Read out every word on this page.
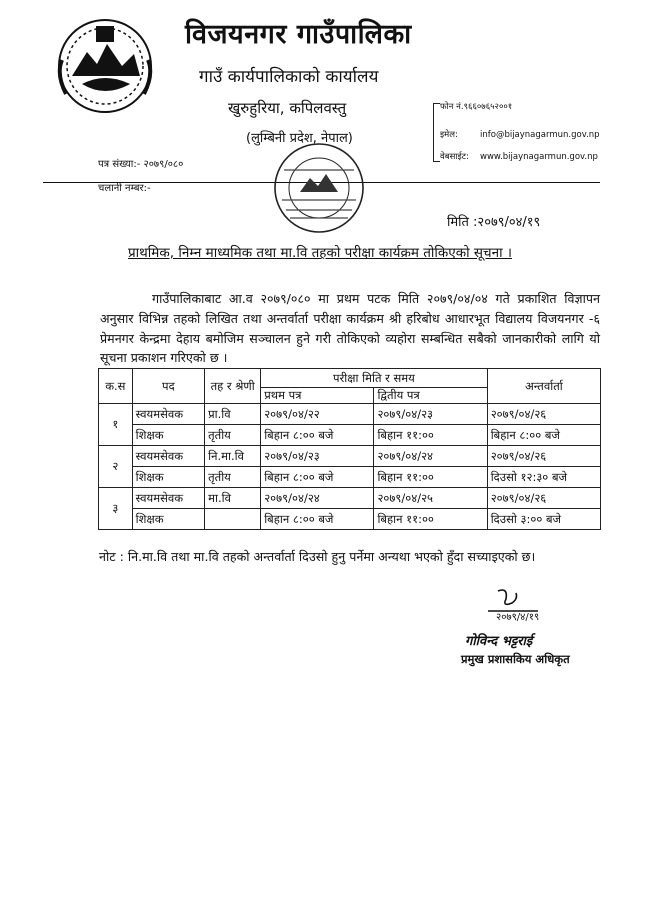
विजयनगर गाउँपालिका
गाउँ कार्यपालिकाको कार्यालय
खुरुहुरिया, कपिलवस्तु
(लुम्बिनी प्रदेश, नेपाल)
फोन नं.९६६०७६५२००१
इमेल:	info@bijaynagarmun.gov.np
वेबसाईट: www.bijaynagarmun.gov.np
पत्र संख्या:- २०७९/०८०
चलानी नम्बर:-
मिति :२०७९/०४/१९
प्राथमिक, निम्न माध्यमिक तथा मा.वि तहको परीक्षा कार्यक्रम तोकिएको सूचना ।
गाउँपालिकाबाट आ.व २०७९/०८० मा प्रथम पटक मिति २०७९/०४/०४ गते प्रकाशित विज्ञापन अनुसार विभिन्न तहको लिखित तथा अन्तर्वार्ता परीक्षा कार्यक्रम श्री हरिबोध आधारभूत विद्यालय विजयनगर -६ प्रेमनगर केन्द्रमा देहाय बमोजिम सञ्चालन हुने गरी तोकिएको व्यहोरा सम्बन्धित सबैको जानकारीको लागि यो सूचना प्रकाशन गरिएको छ ।
क.स	पद	तह र श्रेणी	परीक्षा मिति र समय		अन्तर्वार्ता
			प्रथम पत्र	द्वितीय पत्र	
१	स्वयमसेवक	प्रा.वि	२०७९/०४/२२	२०७९/०४/२३	२०७९/०४/२६
	शिक्षक	तृतीय	बिहान ८:०० बजे	बिहान ११:००	बिहान ८:०० बजे
२	स्वयमसेवक	नि.मा.वि	२०७९/०४/२३	२०७९/०४/२४	२०७९/०४/२६
	शिक्षक	तृतीय	बिहान ८:०० बजे	बिहान ११:००	दिउसो १२:३० बजे
३	स्वयमसेवक	मा.वि	२०७९/०४/२४	२०७९/०४/२५	२०७९/०४/२६
	शिक्षक		बिहान ८:०० बजे	बिहान ११:००	दिउसो ३:०० बजे
नोट : नि.मा.वि तथा मा.वि तहको अन्तर्वार्ता दिउसो हुनु पर्नेमा अन्यथा भएको हुँदा सच्याइएको छ।
२०७९/४/१९
गोविन्द भट्टराई
प्रमुख प्रशासकिय अधिकृत
